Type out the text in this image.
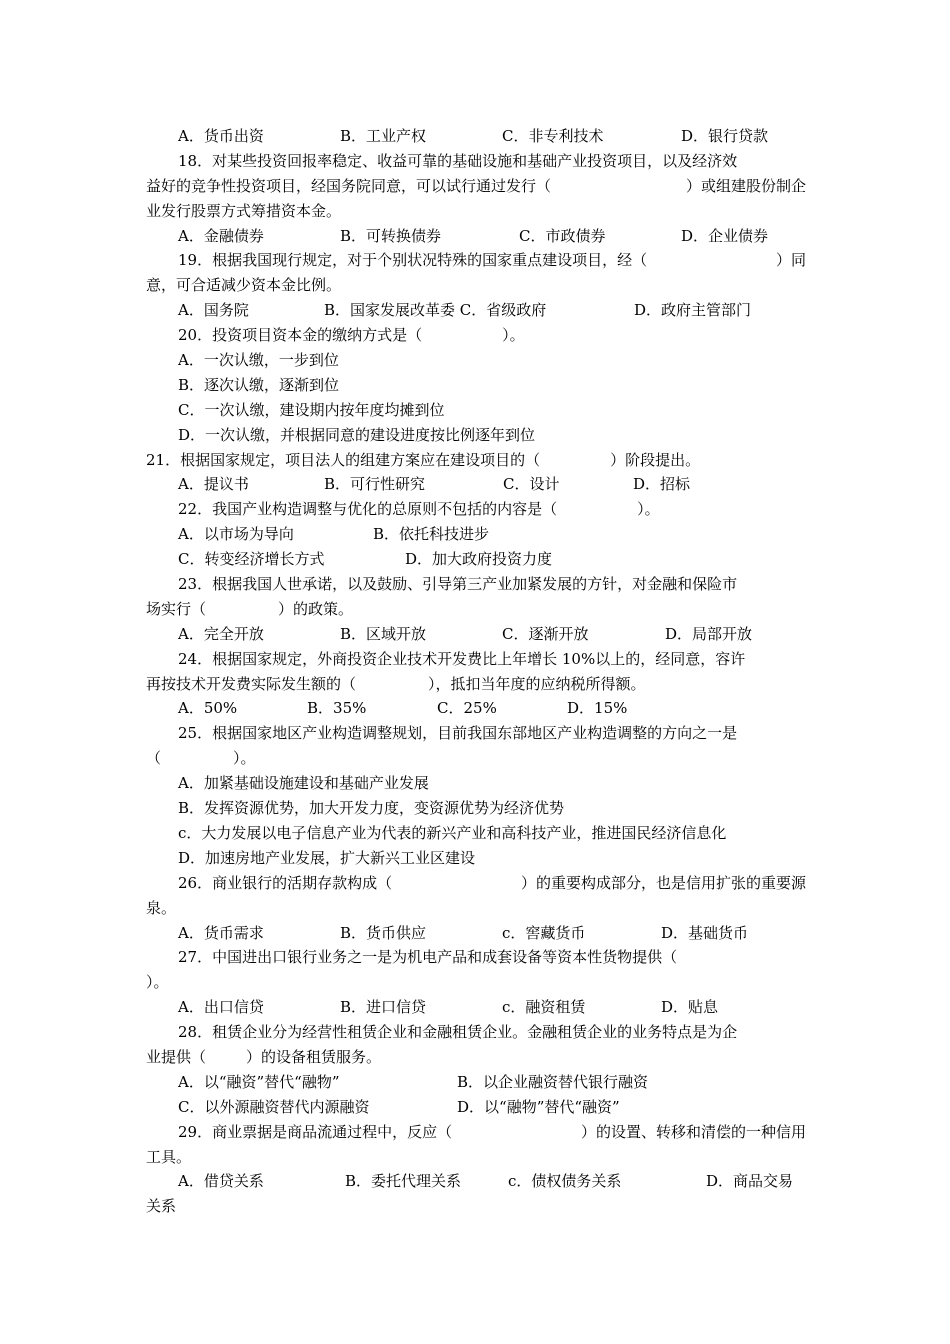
A．货币出资	B．工业产权	C．非专利技术	D．银行贷款
18．对某些投资回报率稳定、收益可靠的基础设施和基础产业投资项目，以及经济效
益好的竞争性投资项目，经国务院同意，可以试行通过发行（	）或组建股份制企
业发行股票方式筹措资本金。
A．金融债券	B．可转换债券	C．市政债券	D．企业债券
19．根据我国现行规定，对于个别状况特殊的国家重点建设项目，经（	）同
意，可合适减少资本金比例。
A．国务院	B．国家发展改革委 C．省级政府	D．政府主管部门
20．投资项目资本金的缴纳方式是（	）。
A．一次认缴，一步到位
B．逐次认缴，逐渐到位
C．一次认缴，建设期内按年度均摊到位
D．一次认缴，并根据同意的建设进度按比例逐年到位
21．根据国家规定，项目法人的组建方案应在建设项目的（	）阶段提出。
A．提议书	B．可行性研究	C．设计	D．招标
22．我国产业构造调整与优化的总原则不包括的内容是（	）。
A．以市场为导向	B．依托科技进步
C．转变经济增长方式	D．加大政府投资力度
23．根据我国人世承诺，以及鼓励、引导第三产业加紧发展的方针，对金融和保险市
场实行（	）的政策。
A．完全开放	B．区域开放	C．逐渐开放	D．局部开放
24．根据国家规定，外商投资企业技术开发费比上年增长 10%以上的，经同意，容许
再按技术开发费实际发生额的（	），抵扣当年度的应纳税所得额。
A．50%	B．35%	C．25%	D．15%
25．根据国家地区产业构造调整规划，目前我国东部地区产业构造调整的方向之一是
（	）。
A．加紧基础设施建设和基础产业发展
B．发挥资源优势，加大开发力度，变资源优势为经济优势
c．大力发展以电子信息产业为代表的新兴产业和高科技产业，推进国民经济信息化
D．加速房地产业发展，扩大新兴工业区建设
26．商业银行的活期存款构成（	）的重要构成部分，也是信用扩张的重要源
泉。
A．货币需求	B．货币供应	c．窖藏货币	D．基础货币
27．中国进出口银行业务之一是为机电产品和成套设备等资本性货物提供（
）。
A．出口信贷	B．进口信贷	c．融资租赁	D．贴息
28．租赁企业分为经营性租赁企业和金融租赁企业。金融租赁企业的业务特点是为企
业提供（	）的设备租赁服务。
A．以“融资”替代“融物”	B．以企业融资替代银行融资
C．以外源融资替代内源融资	D．以“融物”替代“融资”
29．商业票据是商品流通过程中，反应（	）的设置、转移和清偿的一种信用
工具。
A．借贷关系	B．委托代理关系	c．债权债务关系	D．商品交易
关系
